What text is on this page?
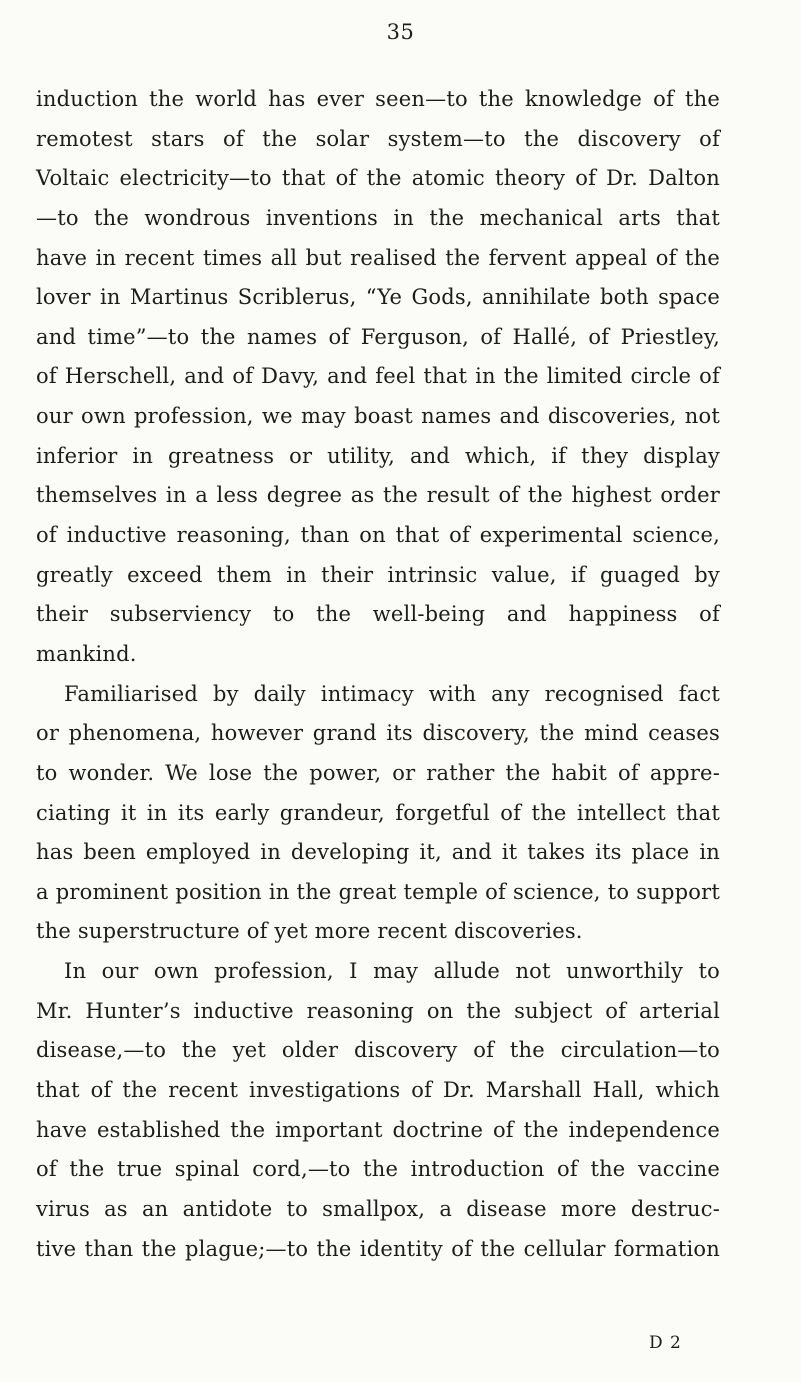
35
induction the world has ever seen—to the knowledge of the
remotest stars of the solar system—to the discovery of
Voltaic electricity—to that of the atomic theory of Dr. Dalton
—to the wondrous inventions in the mechanical arts that
have in recent times all but realised the fervent appeal of the
lover in Martinus Scriblerus, “Ye Gods, annihilate both space
and time”—to the names of Ferguson, of Hallé, of Priestley,
of Herschell, and of Davy, and feel that in the limited circle of
our own profession, we may boast names and discoveries, not
inferior in greatness or utility, and which, if they display
themselves in a less degree as the result of the highest order
of inductive reasoning, than on that of experimental science,
greatly exceed them in their intrinsic value, if guaged by
their subserviency to the well-being and happiness of
mankind.
Familiarised by daily intimacy with any recognised fact
or phenomena, however grand its discovery, the mind ceases
to wonder. We lose the power, or rather the habit of appre-
ciating it in its early grandeur, forgetful of the intellect that
has been employed in developing it, and it takes its place in
a prominent position in the great temple of science, to support
the superstructure of yet more recent discoveries.
In our own profession, I may allude not unworthily to
Mr. Hunter’s inductive reasoning on the subject of arterial
disease,—to the yet older discovery of the circulation—to
that of the recent investigations of Dr. Marshall Hall, which
have established the important doctrine of the independence
of the true spinal cord,—to the introduction of the vaccine
virus as an antidote to smallpox, a disease more destruc-
tive than the plague;—to the identity of the cellular formation
D 2
